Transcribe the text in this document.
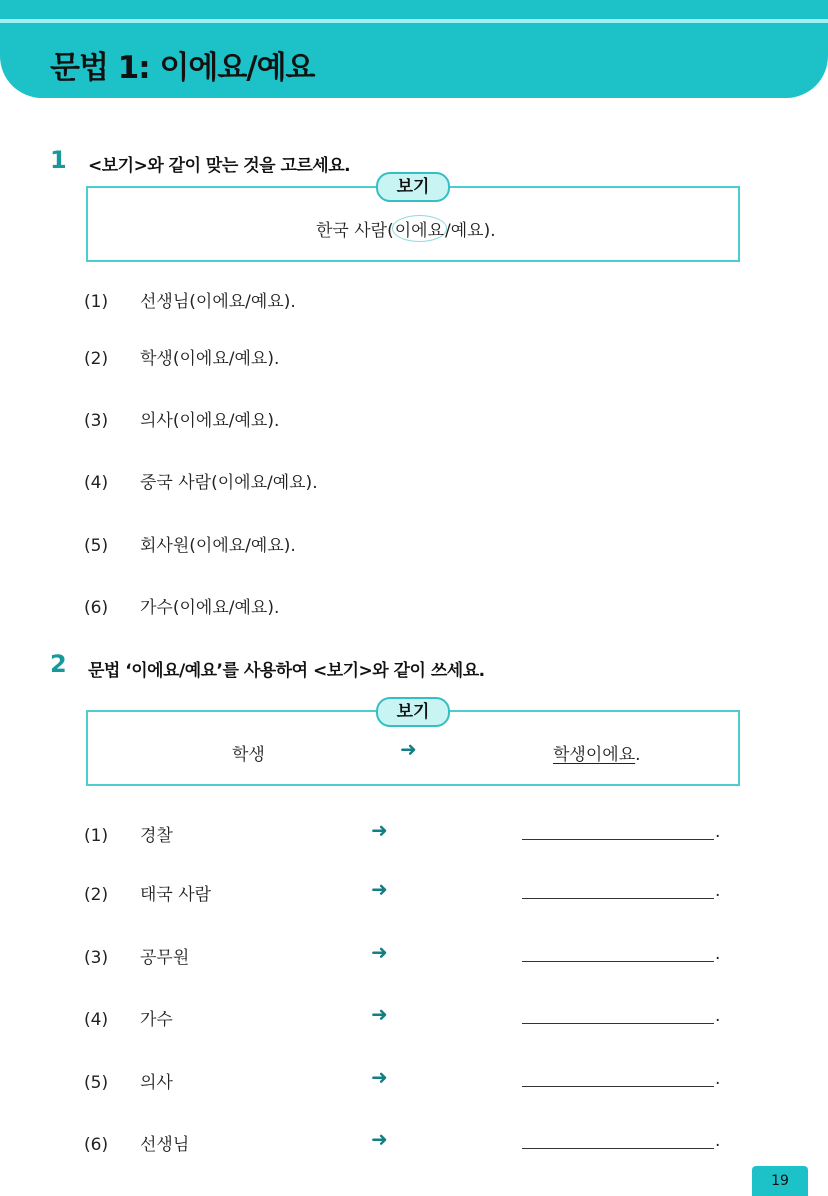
문법 1: 이에요/예요
1 <보기>와 같이 맞는 것을 고르세요.
보기
한국 사람(이에요/예요).
(1) 선생님(이에요/예요).
(2) 학생(이에요/예요).
(3) 의사(이에요/예요).
(4) 중국 사람(이에요/예요).
(5) 회사원(이에요/예요).
(6) 가수(이에요/예요).
2 문법 ‘이에요/예요’를 사용하여 <보기>와 같이 쓰세요.
보기
학생	➜	학생이에요.
(1) 경찰	➜	.
(2) 태국 사람	➜	.
(3) 공무원	➜	.
(4) 가수	➜	.
(5) 의사	➜	.
(6) 선생님	➜	.
19
